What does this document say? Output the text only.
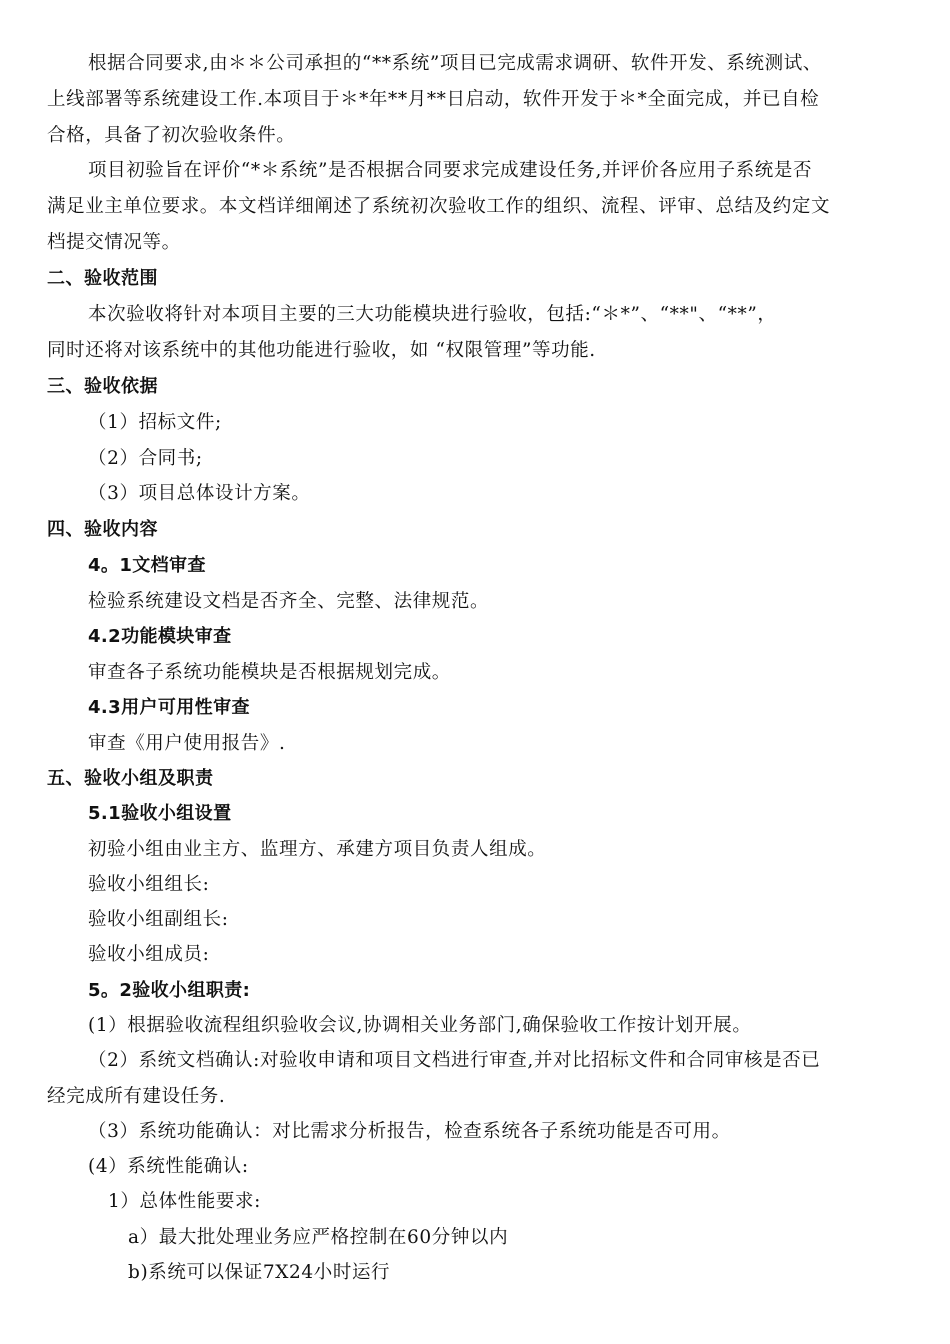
根据合同要求,由＊＊公司承担的“**系统”项目已完成需求调研、软件开发、系统测试、
上线部署等系统建设工作.本项目于＊*年**月**日启动，软件开发于＊*全面完成，并已自检
合格，具备了初次验收条件。
项目初验旨在评价“*＊系统”是否根据合同要求完成建设任务,并评价各应用子系统是否
满足业主单位要求。本文档详细阐述了系统初次验收工作的组织、流程、评审、总结及约定文
档提交情况等。
二、验收范围
本次验收将针对本项目主要的三大功能模块进行验收，包括:“＊*”、“**"、“**”，
同时还将对该系统中的其他功能进行验收，如 “权限管理”等功能.
三、验收依据
（1）招标文件;
（2）合同书;
（3）项目总体设计方案。
四、验收内容
4。1文档审查
检验系统建设文档是否齐全、完整、法律规范。
4.2功能模块审查
审查各子系统功能模块是否根据规划完成。
4.3用户可用性审查
审查《用户使用报告》.
五、验收小组及职责
5.1验收小组设置
初验小组由业主方、监理方、承建方项目负责人组成。
验收小组组长:
验收小组副组长:
验收小组成员:
5。2验收小组职责:
(1）根据验收流程组织验收会议,协调相关业务部门,确保验收工作按计划开展。
（2）系统文档确认:对验收申请和项目文档进行审查,并对比招标文件和合同审核是否已
经完成所有建设任务.
（3）系统功能确认：对比需求分析报告，检查系统各子系统功能是否可用。
(4）系统性能确认:
1）总体性能要求:
a）最大批处理业务应严格控制在60分钟以内
b)系统可以保证7X24小时运行
